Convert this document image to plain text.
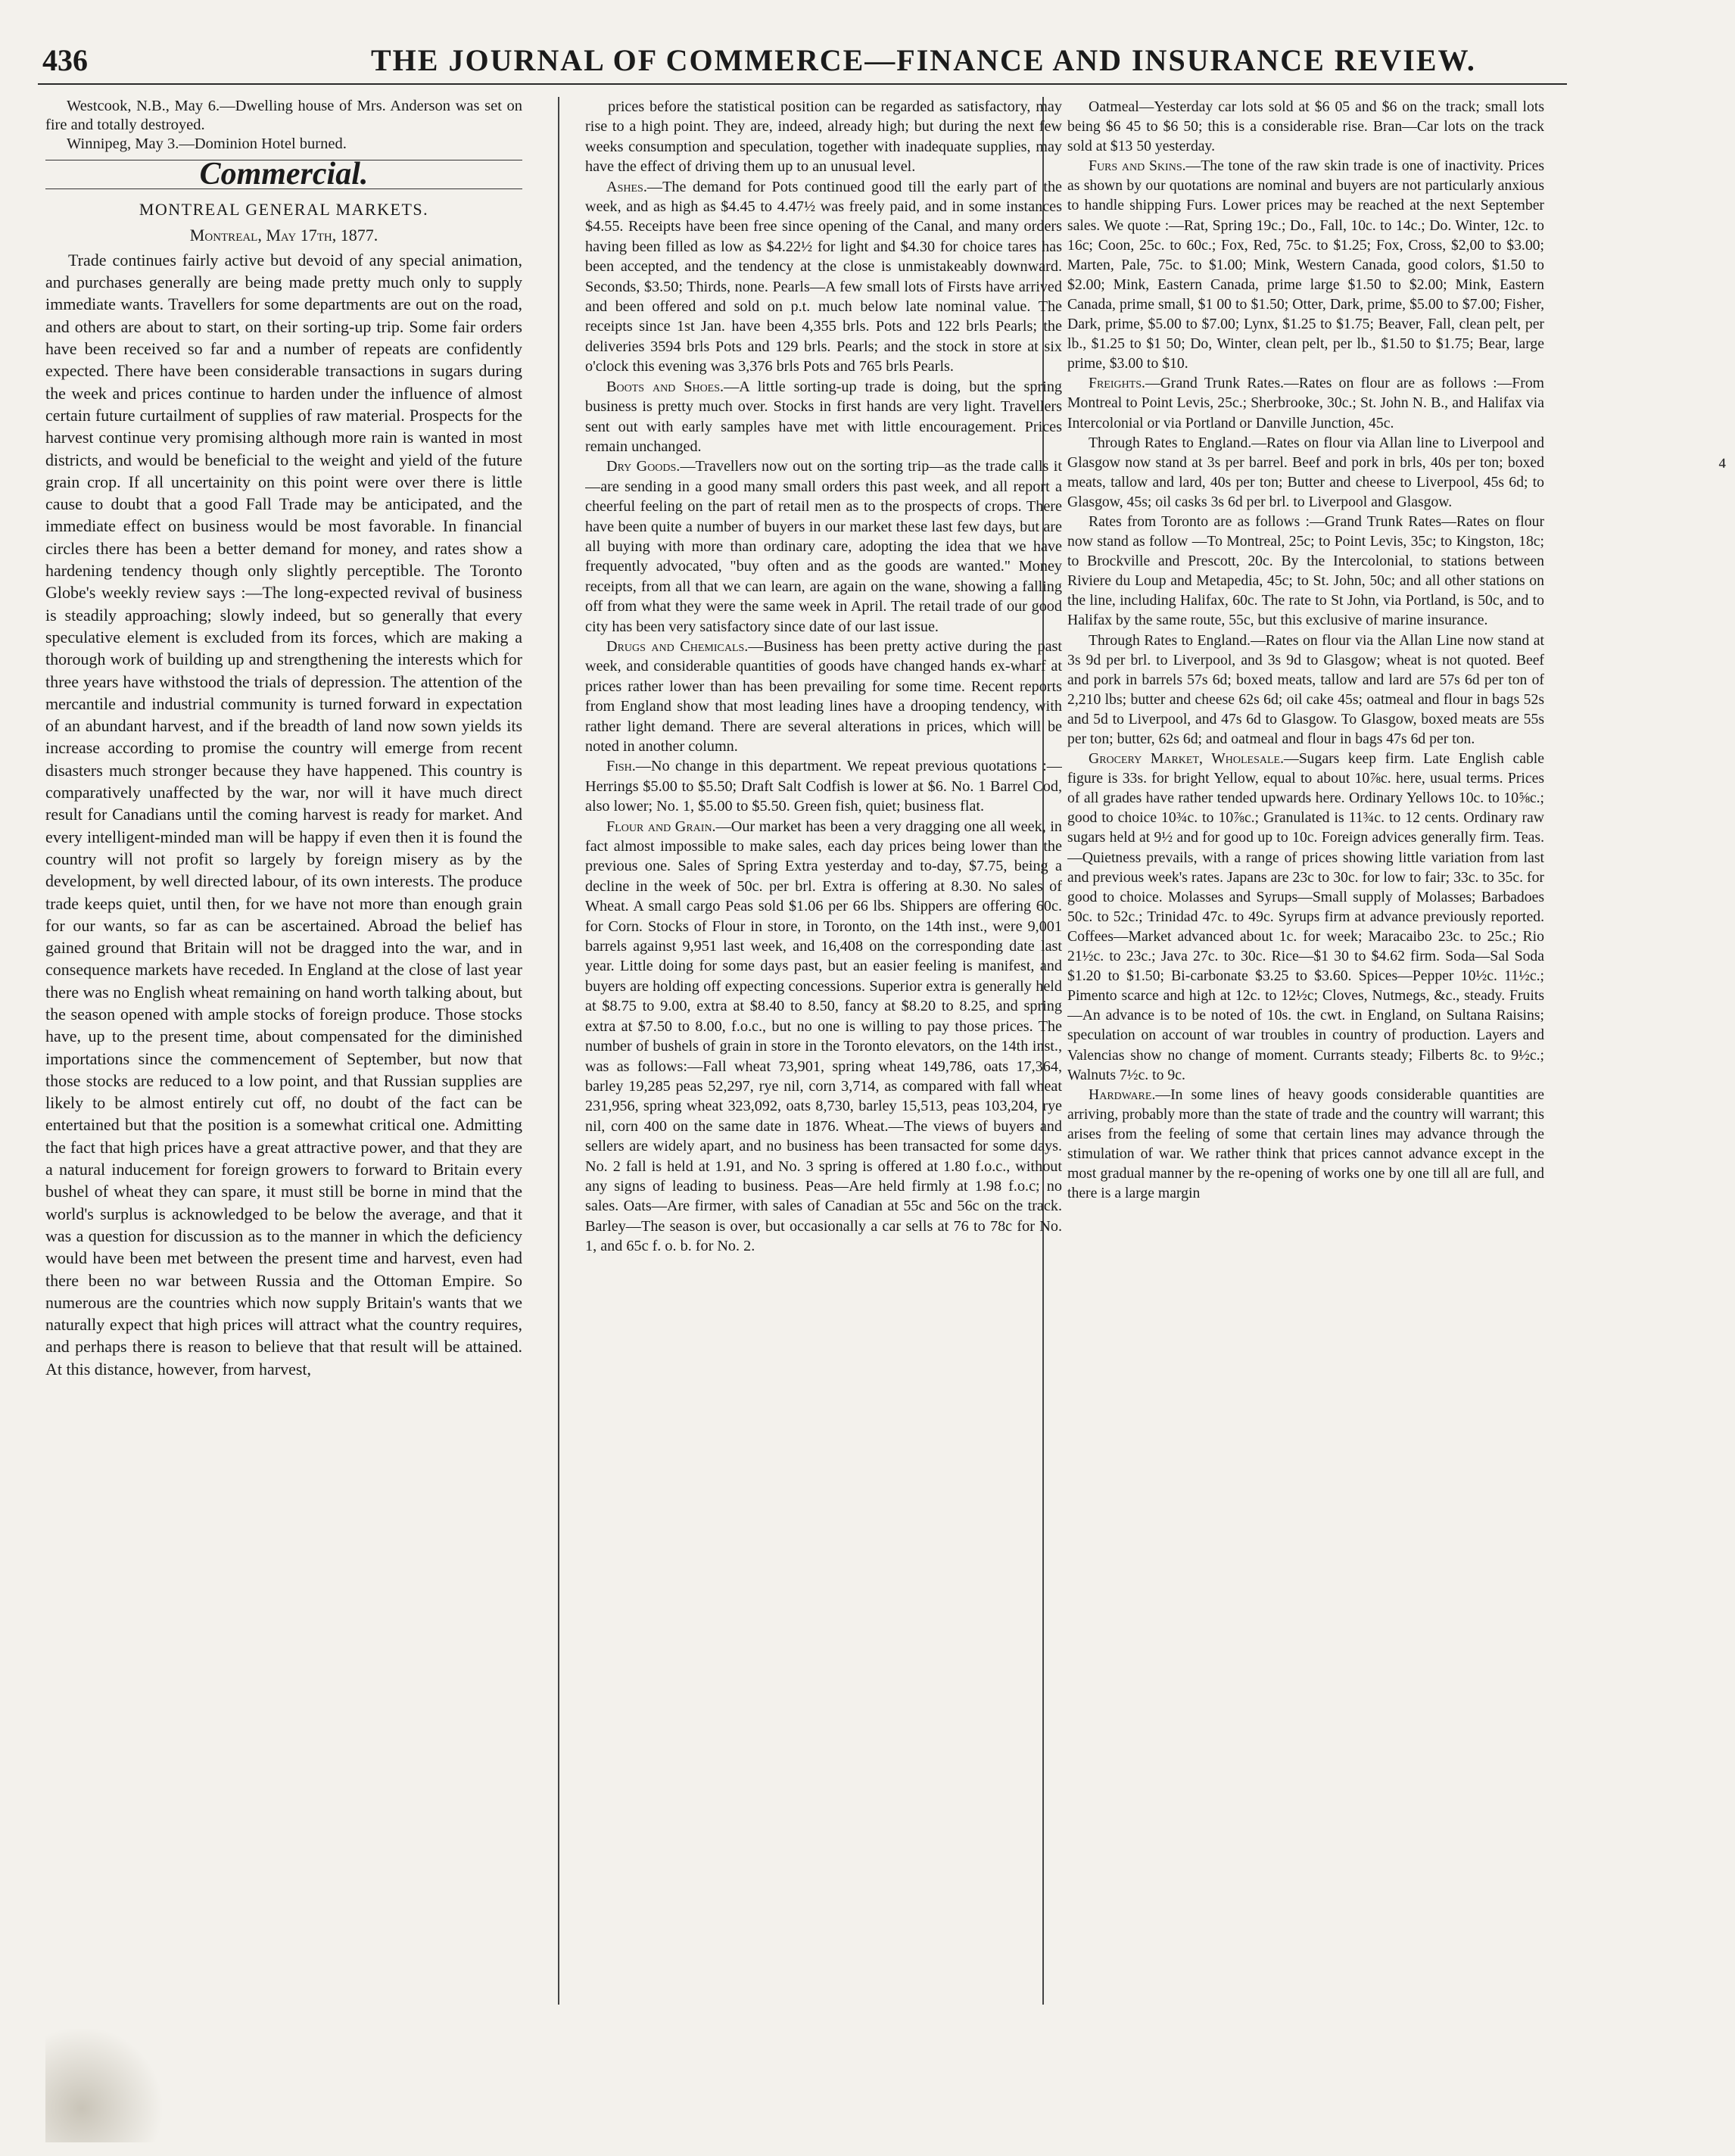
436	THE JOURNAL OF COMMERCE—FINANCE AND INSURANCE REVIEW.

Westcook, N.B., May 6.—Dwelling house of Mrs. Anderson was set on fire and totally destroyed.

Winnipeg, May 3.—Dominion Hotel burned.

Commercial.
MONTREAL GENERAL MARKETS.
Montreal, May 17th, 1877.

Trade continues fairly active but devoid of any special animation, and purchases generally are being made pretty much only to supply immediate wants. Travellers for some departments are out on the road, and others are about to start, on their sorting-up trip. Some fair orders have been received so far and a number of repeats are confidently expected. There have been considerable transactions in sugars during the week and prices continue to harden under the influence of almost certain future curtailment of supplies of raw material. Prospects for the harvest continue very promising although more rain is wanted in most districts, and would be beneficial to the weight and yield of the future grain crop. If all uncertainity on this point were over there is little cause to doubt that a good Fall Trade may be anticipated, and the immediate effect on business would be most favorable. In financial circles there has been a better demand for money, and rates show a hardening tendency though only slightly perceptible. The Toronto Globe's weekly review says :—The long-expected revival of business is steadily approaching; slowly indeed, but so generally that every speculative element is excluded from its forces, which are making a thorough work of building up and strengthening the interests which for three years have withstood the trials of depression. The attention of the mercantile and industrial community is turned forward in expectation of an abundant harvest, and if the breadth of land now sown yields its increase according to promise the country will emerge from recent disasters much stronger because they have happened. This country is comparatively unaffected by the war, nor will it have much direct result for Canadians until the coming harvest is ready for market. And every intelligent-minded man will be happy if even then it is found the country will not profit so largely by foreign misery as by the development, by well directed labour, of its own interests. The produce trade keeps quiet, until then, for we have not more than enough grain for our wants, so far as can be ascertained. Abroad the belief has gained ground that Britain will not be dragged into the war, and in consequence markets have receded. In England at the close of last year there was no English wheat remaining on hand worth talking about, but the season opened with ample stocks of foreign produce. Those stocks have, up to the present time, about compensated for the diminished importations since the commencement of September, but now that those stocks are reduced to a low point, and that Russian supplies are likely to be almost entirely cut off, no doubt of the fact can be entertained but that the position is a somewhat critical one. Admitting the fact that high prices have a great attractive power, and that they are a natural inducement for foreign growers to forward to Britain every bushel of wheat they can spare, it must still be borne in mind that the world's surplus is acknowledged to be below the average, and that it was a question for discussion as to the manner in which the deficiency would have been met between the present time and harvest, even had there been no war between Russia and the Ottoman Empire. So numerous are the countries which now supply Britain's wants that we naturally expect that high prices will attract what the country requires, and perhaps there is reason to believe that that result will be attained. At this distance, however, from harvest,

prices before the statistical position can be regarded as satisfactory, may rise to a high point. They are, indeed, already high; but during the next few weeks consumption and speculation, together with inadequate supplies, may have the effect of driving them up to an unusual level.

Ashes.—The demand for Pots continued good till the early part of the week, and as high as $4.45 to 4.47½ was freely paid, and in some instances $4.55. Receipts have been free since opening of the Canal, and many orders having been filled as low as $4.22½ for light and $4.30 for choice tares has been accepted, and the tendency at the close is unmistakeably downward. Seconds, $3.50; Thirds, none. Pearls—A few small lots of Firsts have arrived and been offered and sold on p.t. much below late nominal value. The receipts since 1st Jan. have been 4,355 brls. Pots and 122 brls Pearls; the deliveries 3594 brls Pots and 129 brls. Pearls; and the stock in store at six o'clock this evening was 3,376 brls Pots and 765 brls Pearls.

Boots and Shoes.—A little sorting-up trade is doing, but the spring business is pretty much over. Stocks in first hands are very light. Travellers sent out with early samples have met with little encouragement. Prices remain unchanged.

Dry Goods.—Travellers now out on the sorting trip—as the trade calls it—are sending in a good many small orders this past week, and all report a cheerful feeling on the part of retail men as to the prospects of crops. There have been quite a number of buyers in our market these last few days, but are all buying with more than ordinary care, adopting the idea that we have frequently advocated, "buy often and as the goods are wanted." Money receipts, from all that we can learn, are again on the wane, showing a falling off from what they were the same week in April. The retail trade of our good city has been very satisfactory since date of our last issue.

Drugs and Chemicals.—Business has been pretty active during the past week, and considerable quantities of goods have changed hands ex-wharf at prices rather lower than has been prevailing for some time. Recent reports from England show that most leading lines have a drooping tendency, with rather light demand. There are several alterations in prices, which will be noted in another column.

Fish.—No change in this department. We repeat previous quotations :—Herrings $5.00 to $5.50; Draft Salt Codfish is lower at $6. No. 1 Barrel Cod, also lower; No. 1, $5.00 to $5.50. Green fish, quiet; business flat.

Flour and Grain.—Our market has been a very dragging one all week, in fact almost impossible to make sales, each day prices being lower than the previous one. Sales of Spring Extra yesterday and to-day, $7.75, being a decline in the week of 50c. per brl. Extra is offering at 8.30. No sales of Wheat. A small cargo Peas sold $1.06 per 66 lbs. Shippers are offering 60c. for Corn. Stocks of Flour in store, in Toronto, on the 14th inst., were 9,001 barrels against 9,951 last week, and 16,408 on the corresponding date last year. Little doing for some days past, but an easier feeling is manifest, and buyers are holding off expecting concessions. Superior extra is generally held at $8.75 to 9.00, extra at $8.40 to 8.50, fancy at $8.20 to 8.25, and spring extra at $7.50 to 8.00, f.o.c., but no one is willing to pay those prices. The number of bushels of grain in store in the Toronto elevators, on the 14th inst., was as follows:—Fall wheat 73,901, spring wheat 149,786, oats 17,364, barley 19,285 peas 52,297, rye nil, corn 3,714, as compared with fall wheat 231,956, spring wheat 323,092, oats 8,730, barley 15,513, peas 103,204, rye nil, corn 400 on the same date in 1876. Wheat.—The views of buyers and sellers are widely apart, and no business has been transacted for some days. No. 2 fall is held at 1.91, and No. 3 spring is offered at 1.80 f.o.c., without any signs of leading to business. Peas—Are held firmly at 1.98 f.o.c; no sales. Oats—Are firmer, with sales of Canadian at 55c and 56c on the track. Barley—The season is over, but occasionally a car sells at 76 to 78c for No. 1, and 65c f. o. b. for No. 2.

Oatmeal—Yesterday car lots sold at $6 05 and $6 on the track; small lots being $6 45 to $6 50; this is a considerable rise. Bran—Car lots on the track sold at $13 50 yesterday.

Furs and Skins.—The tone of the raw skin trade is one of inactivity. Prices as shown by our quotations are nominal and buyers are not particularly anxious to handle shipping Furs. Lower prices may be reached at the next September sales. We quote :—Rat, Spring 19c.; Do., Fall, 10c. to 14c.; Do. Winter, 12c. to 16c; Coon, 25c. to 60c.; Fox, Red, 75c. to $1.25; Fox, Cross, $2,00 to $3.00; Marten, Pale, 75c. to $1.00; Mink, Western Canada, good colors, $1.50 to $2.00; Mink, Eastern Canada, prime large $1.50 to $2.00; Mink, Eastern Canada, prime small, $1 00 to $1.50; Otter, Dark, prime, $5.00 to $7.00; Fisher, Dark, prime, $5.00 to $7.00; Lynx, $1.25 to $1.75; Beaver, Fall, clean pelt, per lb., $1.25 to $1 50; Do, Winter, clean pelt, per lb., $1.50 to $1.75; Bear, large prime, $3.00 to $10.

Freights.—Grand Trunk Rates.—Rates on flour are as follows :—From Montreal to Point Levis, 25c.; Sherbrooke, 30c.; St. John N. B., and Halifax via Intercolonial or via Portland or Danville Junction, 45c.

Through Rates to England.—Rates on flour via Allan line to Liverpool and Glasgow now stand at 3s per barrel. Beef and pork in brls, 40s per ton; boxed meats, tallow and lard, 40s per ton; Butter and cheese to Liverpool, 45s 6d; to Glasgow, 45s; oil casks 3s 6d per brl. to Liverpool and Glasgow.

Rates from Toronto are as follows :—Grand Trunk Rates—Rates on flour now stand as follow —To Montreal, 25c; to Point Levis, 35c; to Kingston, 18c; to Brockville and Prescott, 20c. By the Intercolonial, to stations between Riviere du Loup and Metapedia, 45c; to St. John, 50c; and all other stations on the line, including Halifax, 60c. The rate to St John, via Portland, is 50c, and to Halifax by the same route, 55c, but this exclusive of marine insurance.

Through Rates to England.—Rates on flour via the Allan Line now stand at 3s 9d per brl. to Liverpool, and 3s 9d to Glasgow; wheat is not quoted. Beef and pork in barrels 57s 6d; boxed meats, tallow and lard are 57s 6d per ton of 2,210 lbs; butter and cheese 62s 6d; oil cake 45s; oatmeal and flour in bags 52s and 5d to Liverpool, and 47s 6d to Glasgow. To Glasgow, boxed meats are 55s per ton; butter, 62s 6d; and oatmeal and flour in bags 47s 6d per ton.

Grocery Market, Wholesale.—Sugars keep firm. Late English cable figure is 33s. for bright Yellow, equal to about 10⅞c. here, usual terms. Prices of all grades have rather tended upwards here. Ordinary Yellows 10c. to 10⅝c.; good to choice 10¾c. to 10⅞c.; Granulated is 11¾c. to 12 cents. Ordinary raw sugars held at 9½ and for good up to 10c. Foreign advices generally firm. Teas.—Quietness prevails, with a range of prices showing little variation from last and previous week's rates. Japans are 23c to 30c. for low to fair; 33c. to 35c. for good to choice. Molasses and Syrups—Small supply of Molasses; Barbadoes 50c. to 52c.; Trinidad 47c. to 49c. Syrups firm at advance previously reported. Coffees—Market advanced about 1c. for week; Maracaibo 23c. to 25c.; Rio 21½c. to 23c.; Java 27c. to 30c. Rice—$1 30 to $4.62 firm. Soda—Sal Soda $1.20 to $1.50; Bi-carbonate $3.25 to $3.60. Spices—Pepper 10½c. 11½c.; Pimento scarce and high at 12c. to 12½c; Cloves, Nutmegs, &c., steady. Fruits—An advance is to be noted of 10s. the cwt. in England, on Sultana Raisins; speculation on account of war troubles in country of production. Layers and Valencias show no change of moment. Currants steady; Filberts 8c. to 9½c.; Walnuts 7½c. to 9c.

Hardware.—In some lines of heavy goods considerable quantities are arriving, probably more than the state of trade and the country will warrant; this arises from the feeling of some that certain lines may advance through the stimulation of war. We rather think that prices cannot advance except in the most gradual manner by the re-opening of works one by one till all are full, and there is a large margin

⁴
